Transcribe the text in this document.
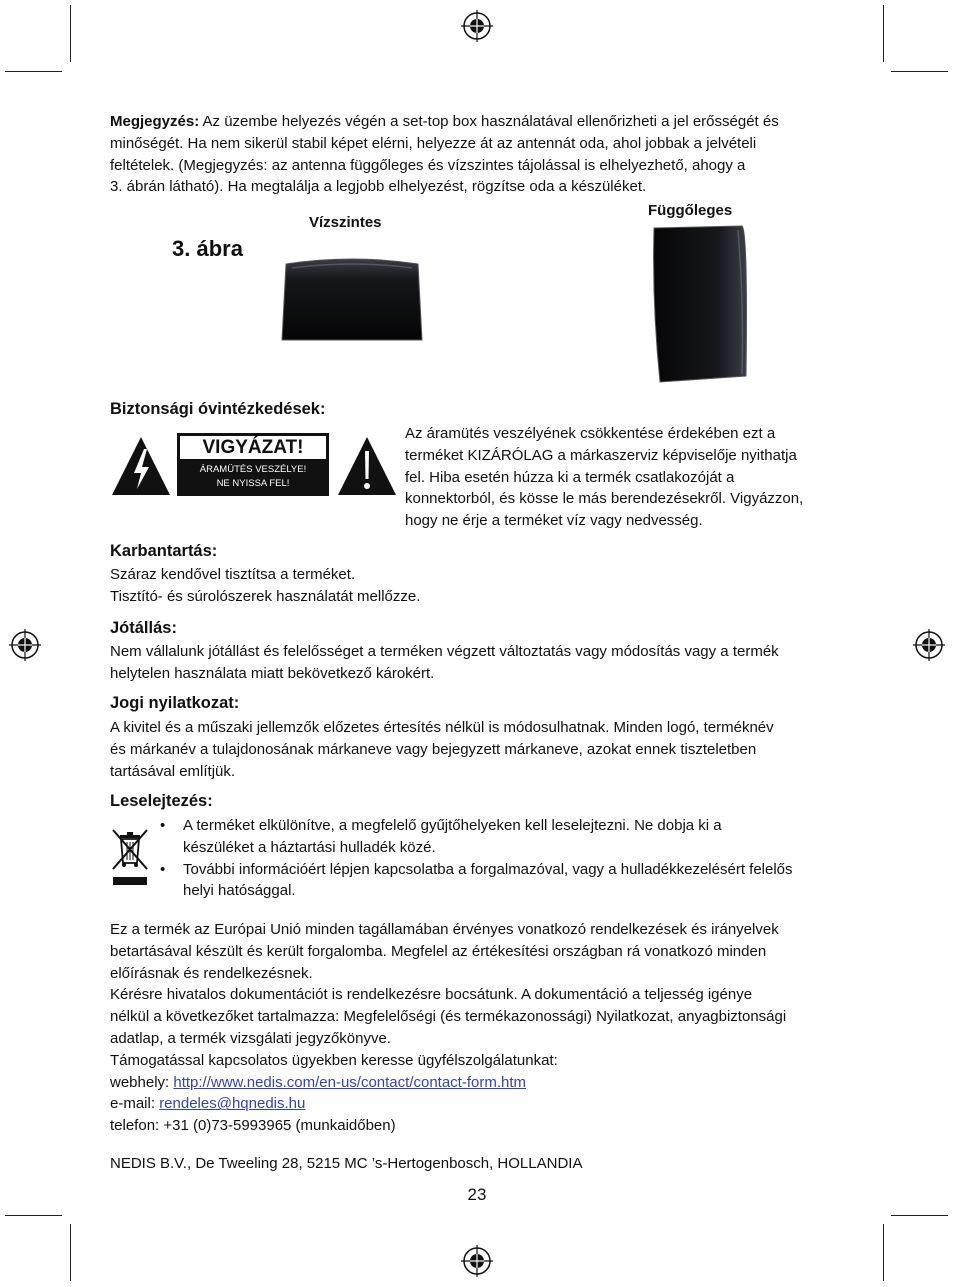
Megjegyzés: Az üzembe helyezés végén a set-top box használatával ellenőrizheti a jel erősségét és

minőségét. Ha nem sikerül stabil képet elérni, helyezze át az antennát oda, ahol jobbak a jelvételi

feltételek. (Megjegyzés: az antenna függőleges és vízszintes tájolással is elhelyezhető, ahogy a

3. ábrán látható). Ha megtalálja a legjobb elhelyezést, rögzítse oda a készüléket.

3. ábra
Vízszintes
Függőleges
Biztonsági óvintézkedések:
VIGYÁZAT!
ÁRAMÜTÉS VESZÉLYE!
NE NYISSA FEL!

Az áramütés veszélyének csökkentése érdekében ezt a

terméket KIZÁRÓLAG a márkaszerviz képviselője nyithatja

fel. Hiba esetén húzza ki a termék csatlakozóját a

konnektorból, és kösse le más berendezésekről. Vigyázzon,

hogy ne érje a terméket víz vagy nedvesség.

Karbantartás:

Száraz kendővel tisztítsa a terméket.

Tisztító- és súrolószerek használatát mellőzze.

Jótállás:

Nem vállalunk jótállást és felelősséget a terméken végzett változtatás vagy módosítás vagy a termék

helytelen használata miatt bekövetkező károkért.

Jogi nyilatkozat:

A kivitel és a műszaki jellemzők előzetes értesítés nélkül is módosulhatnak. Minden logó, terméknév

és márkanév a tulajdonosának márkaneve vagy bejegyzett márkaneve, azokat ennek tiszteletben

tartásával említjük.

Leselejtezés:
• A terméket elkülönítve, a megfelelő gyűjtőhelyeken kell leselejtezni. Ne dobja ki a
készüléket a háztartási hulladék közé.
• További információért lépjen kapcsolatba a forgalmazóval, vagy a hulladékkezelésért felelős
helyi hatósággal.

Ez a termék az Európai Unió minden tagállamában érvényes vonatkozó rendelkezések és irányelvek

betartásával készült és került forgalomba. Megfelel az értékesítési országban rá vonatkozó minden

előírásnak és rendelkezésnek.

Kérésre hivatalos dokumentációt is rendelkezésre bocsátunk. A dokumentáció a teljesség igénye

nélkül a következőket tartalmazza: Megfelelőségi (és termékazonossági) Nyilatkozat, anyagbiztonsági

adatlap, a termék vizsgálati jegyzőkönyve.

Támogatással kapcsolatos ügyekben keresse ügyfélszolgálatunkat:

webhely: http://www.nedis.com/en-us/contact/contact-form.htm

e-mail: rendeles@hqnedis.hu

telefon: +31 (0)73-5993965 (munkaidőben)

NEDIS B.V., De Tweeling 28, 5215 MC ’s-Hertogenbosch, HOLLANDIA

23
